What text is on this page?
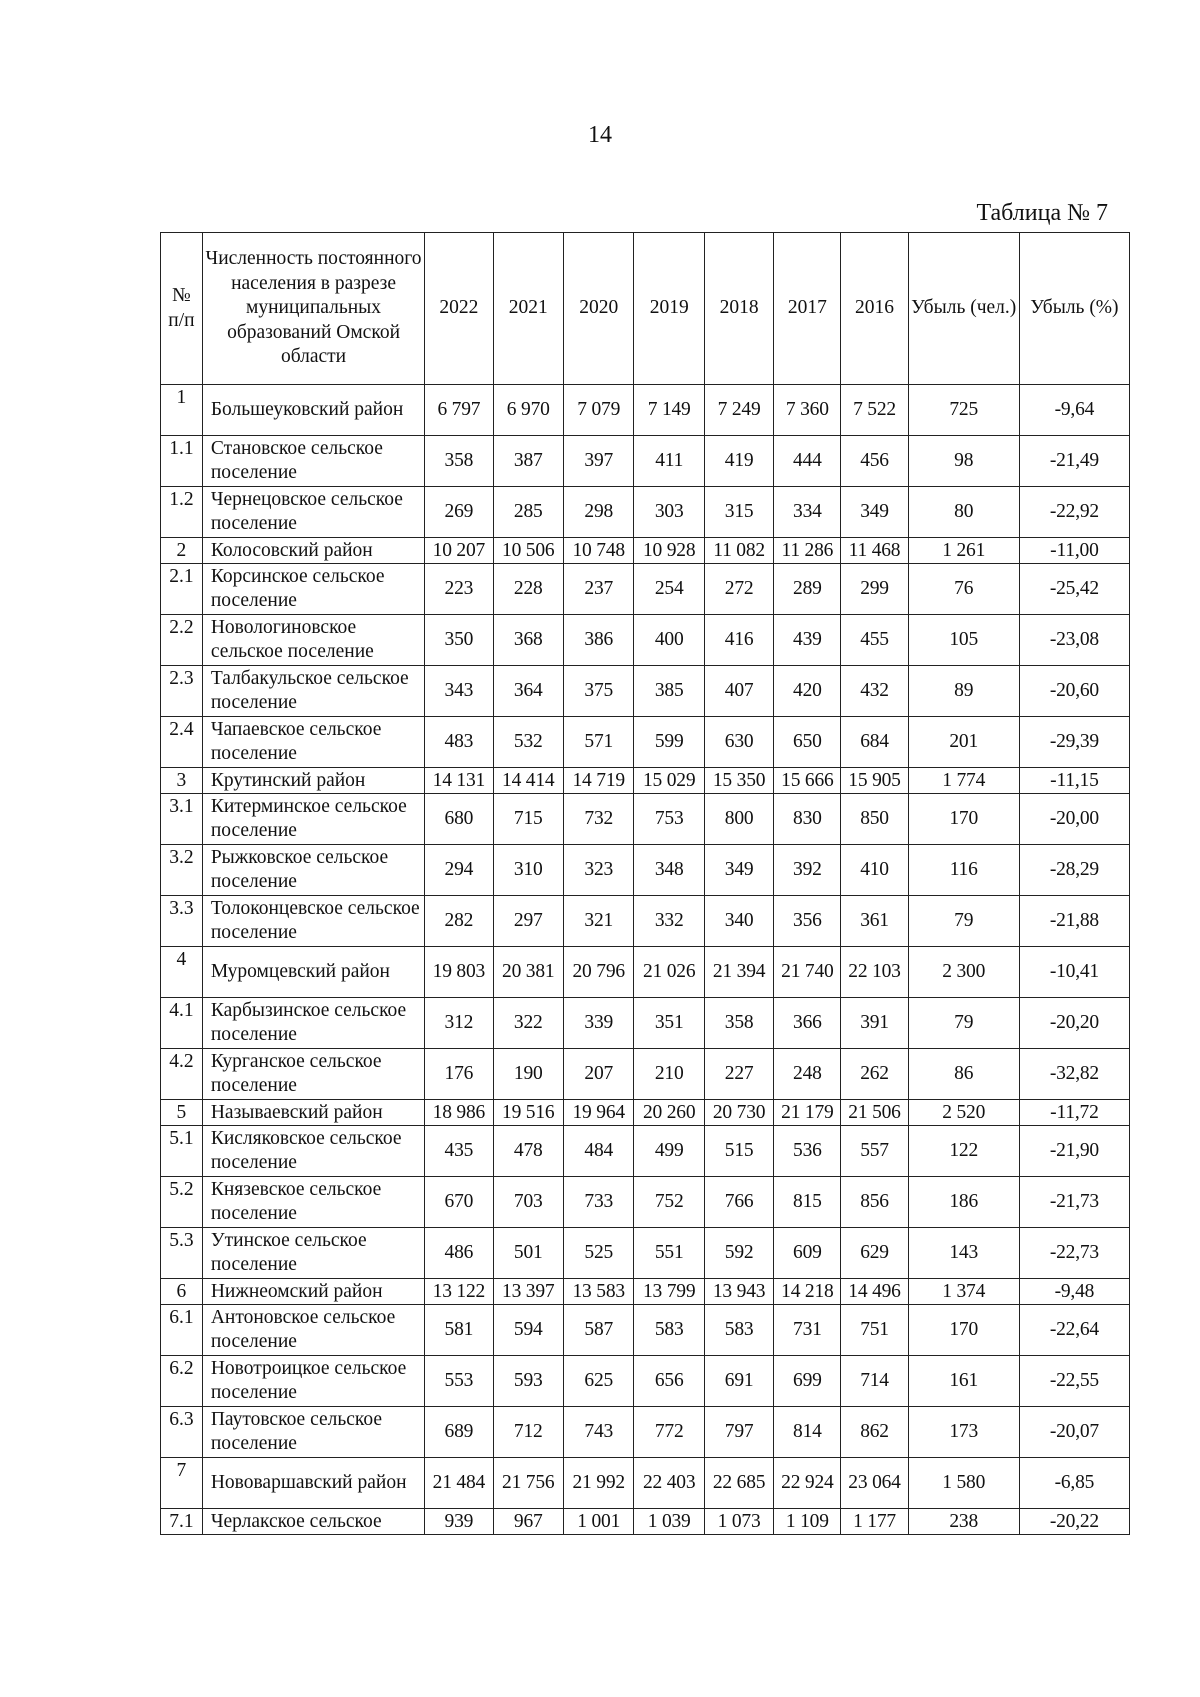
14
Таблица № 7
№ п/п	Численность постоянного населения в разрезе муниципальных образований Омской области	2022	2021	2020	2019	2018	2017	2016	Убыль (чел.)	Убыль (%)
1	Большеуковский район	6 797	6 970	7 079	7 149	7 249	7 360	7 522	725	-9,64
1.1	Становское сельское поселение	358	387	397	411	419	444	456	98	-21,49
1.2	Чернецовское сельское поселение	269	285	298	303	315	334	349	80	-22,92
2	Колосовский район	10 207	10 506	10 748	10 928	11 082	11 286	11 468	1 261	-11,00
2.1	Корсинское сельское поселение	223	228	237	254	272	289	299	76	-25,42
2.2	Новологиновское сельское поселение	350	368	386	400	416	439	455	105	-23,08
2.3	Талбакульское сельское поселение	343	364	375	385	407	420	432	89	-20,60
2.4	Чапаевское сельское поселение	483	532	571	599	630	650	684	201	-29,39
3	Крутинский район	14 131	14 414	14 719	15 029	15 350	15 666	15 905	1 774	-11,15
3.1	Китерминское сельское поселение	680	715	732	753	800	830	850	170	-20,00
3.2	Рыжковское сельское поселение	294	310	323	348	349	392	410	116	-28,29
3.3	Толоконцевское сельское поселение	282	297	321	332	340	356	361	79	-21,88
4	Муромцевский район	19 803	20 381	20 796	21 026	21 394	21 740	22 103	2 300	-10,41
4.1	Карбызинское сельское поселение	312	322	339	351	358	366	391	79	-20,20
4.2	Курганское сельское поселение	176	190	207	210	227	248	262	86	-32,82
5	Называевский район	18 986	19 516	19 964	20 260	20 730	21 179	21 506	2 520	-11,72
5.1	Кисляковское сельское поселение	435	478	484	499	515	536	557	122	-21,90
5.2	Князевское сельское поселение	670	703	733	752	766	815	856	186	-21,73
5.3	Утинское сельское поселение	486	501	525	551	592	609	629	143	-22,73
6	Нижнеомский район	13 122	13 397	13 583	13 799	13 943	14 218	14 496	1 374	-9,48
6.1	Антоновское сельское поселение	581	594	587	583	583	731	751	170	-22,64
6.2	Новотроицкое сельское поселение	553	593	625	656	691	699	714	161	-22,55
6.3	Паутовское сельское поселение	689	712	743	772	797	814	862	173	-20,07
7	Нововаршавский район	21 484	21 756	21 992	22 403	22 685	22 924	23 064	1 580	-6,85
7.1	Черлакское сельское	939	967	1 001	1 039	1 073	1 109	1 177	238	-20,22
